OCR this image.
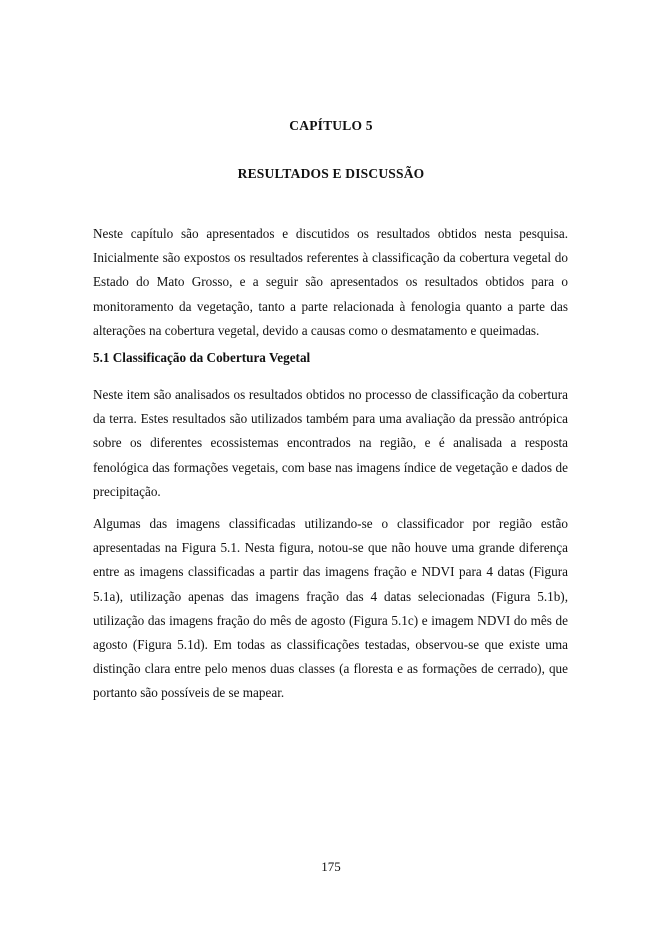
CAPÍTULO 5
RESULTADOS E DISCUSSÃO

Neste capítulo são apresentados e discutidos os resultados obtidos nesta pesquisa. Inicialmente são expostos os resultados referentes à classificação da cobertura vegetal do Estado do Mato Grosso, e a seguir são apresentados os resultados obtidos para o monitoramento da vegetação, tanto a parte relacionada à fenologia quanto a parte das alterações na cobertura vegetal, devido a causas como o desmatamento e queimadas.

5.1 Classificação da Cobertura Vegetal

Neste item são analisados os resultados obtidos no processo de classificação da cobertura da terra. Estes resultados são utilizados também para uma avaliação da pressão antrópica sobre os diferentes ecossistemas encontrados na região, e é analisada a resposta fenológica das formações vegetais, com base nas imagens índice de vegetação e dados de precipitação.

Algumas das imagens classificadas utilizando-se o classificador por região estão apresentadas na Figura 5.1. Nesta figura, notou-se que não houve uma grande diferença entre as imagens classificadas a partir das imagens fração e NDVI para 4 datas (Figura 5.1a), utilização apenas das imagens fração das 4 datas selecionadas (Figura 5.1b), utilização das imagens fração do mês de agosto (Figura 5.1c) e imagem NDVI do mês de agosto (Figura 5.1d). Em todas as classificações testadas, observou-se que existe uma distinção clara entre pelo menos duas classes (a floresta e as formações de cerrado), que portanto são possíveis de se mapear.

175
